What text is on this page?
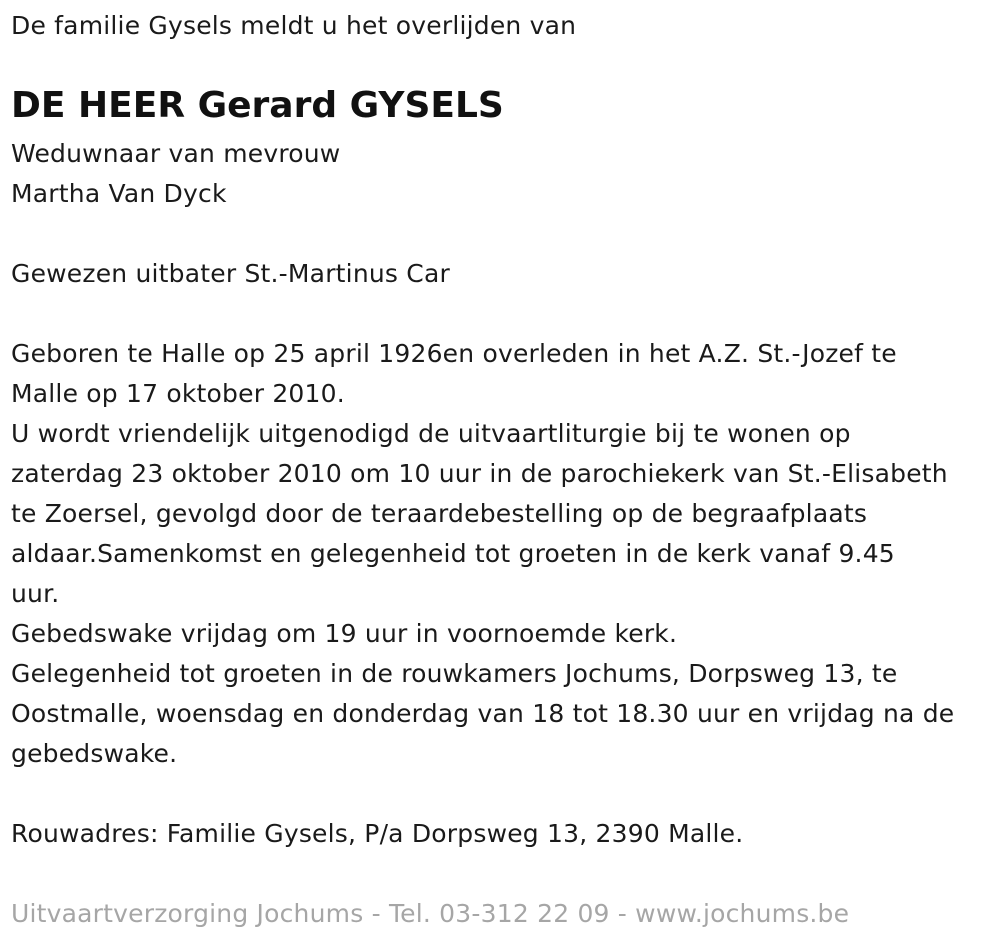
De familie Gysels meldt u het overlijden van
DE HEER Gerard GYSELS
Weduwnaar van mevrouw
Martha Van Dyck
Gewezen uitbater St.-Martinus Car
Geboren te Halle op 25 april 1926en overleden in het A.Z. St.-Jozef te
Malle op 17 oktober 2010.
U wordt vriendelijk uitgenodigd de uitvaartliturgie bij te wonen op
zaterdag 23 oktober 2010 om 10 uur in de parochiekerk van St.-Elisabeth
te Zoersel, gevolgd door de teraardebestelling op de begraafplaats
aldaar.Samenkomst en gelegenheid tot groeten in de kerk vanaf 9.45
uur.
Gebedswake vrijdag om 19 uur in voornoemde kerk.
Gelegenheid tot groeten in de rouwkamers Jochums, Dorpsweg 13, te
Oostmalle, woensdag en donderdag van 18 tot 18.30 uur en vrijdag na de
gebedswake.
Rouwadres: Familie Gysels, P/a Dorpsweg 13, 2390 Malle.
Uitvaartverzorging Jochums - Tel. 03-312 22 09 - www.jochums.be
